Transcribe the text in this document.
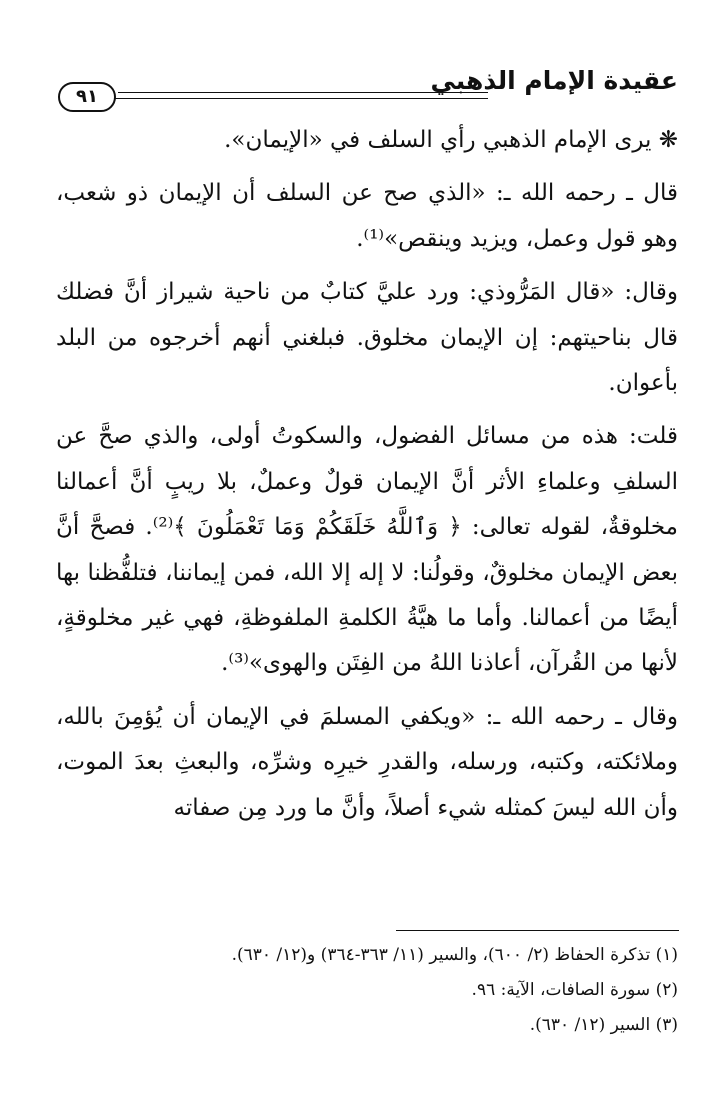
عقيدة الإمام الذهبي
٩١

❋ يرى الإمام الذهبي رأي السلف في «الإيمان».

قال ـ رحمه الله ـ: «الذي صح عن السلف أن الإيمان ذو شعب، وهو قول وعمل، ويزيد وينقص»⁽¹⁾.

وقال: «قال المَرُّوذي: ورد عليَّ كتابٌ من ناحية شيراز أنَّ فضلك قال بناحيتهم: إن الإيمان مخلوق. فبلغني أنهم أخرجوه من البلد بأعوان.

قلت: هذه من مسائل الفضول، والسكوتُ أولى، والذي صحَّ عن السلفِ وعلماءِ الأثر أنَّ الإيمان قولٌ وعملٌ، بلا ريبٍ أنَّ أعمالنا مخلوقةٌ، لقوله تعالى: ﴿ وَٱللَّهُ خَلَقَكُمْ وَمَا تَعْمَلُونَ ﴾⁽²⁾. فصحَّ أنَّ بعض الإيمان مخلوقٌ، وقولُنا: لا إله إلا الله، فمن إيماننا، فتلفُّظنا بها أيضًا من أعمالنا. وأما ما هيَّةُ الكلمةِ الملفوظةِ، فهي غير مخلوقةٍ، لأنها من القُرآن، أعاذنا اللهُ من الفِتَن والهوى»⁽³⁾.

وقال ـ رحمه الله ـ: «ويكفي المسلمَ في الإيمان أن يُؤمِنَ بالله، وملائكته، وكتبه، ورسله، والقدرِ خيرِه وشرِّه، والبعثِ بعدَ الموت، وأن الله ليسَ كمثله شيء أصلاً، وأنَّ ما ورد مِن صفاته

(١) تذكرة الحفاظ (٢/ ٦٠٠)، والسير (١١/ ٣٦٣-٣٦٤) و(١٢/ ٦٣٠).

(٢) سورة الصافات، الآية: ٩٦.

(٣) السير (١٢/ ٦٣٠).
